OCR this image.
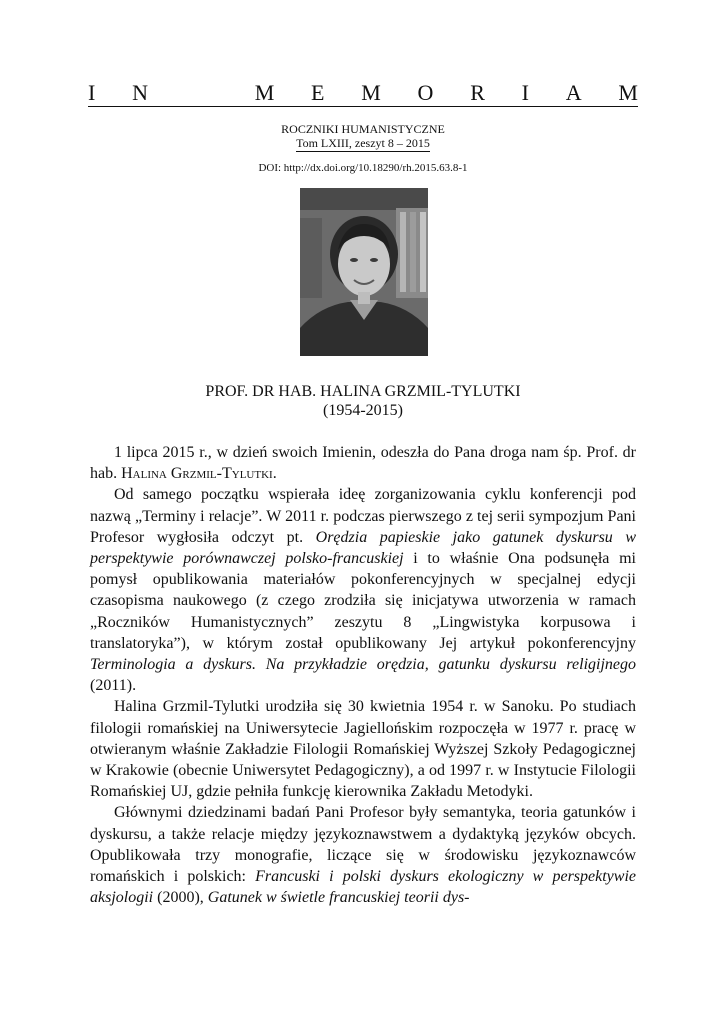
I N	M E M O R I A M
ROCZNIKI HUMANISTYCZNE
Tom LXIII, zeszyt 8 – 2015
DOI: http://dx.doi.org/10.18290/rh.2015.63.8-1
PROF. DR HAB. HALINA GRZMIL-TYLUTKI
(1954-2015)

1 lipca 2015 r., w dzień swoich Imienin, odeszła do Pana droga nam śp. Prof. dr hab. Halina Grzmil-Tylutki.

Od samego początku wspierała ideę zorganizowania cyklu konferencji pod nazwą „Terminy i relacje”. W 2011 r. podczas pierwszego z tej serii sympozjum Pani Profesor wygłosiła odczyt pt. Orędzia papieskie jako gatunek dyskursu w perspektywie porównawczej polsko-francuskiej i to właśnie Ona podsunęła mi pomysł opublikowania materiałów pokonferencyjnych w specjalnej edycji czasopisma naukowego (z czego zrodziła się inicjatywa utworzenia w ramach „Roczników Humanistycznych” zeszytu 8 „Lingwistyka korpusowa i translatoryka”), w którym został opublikowany Jej artykuł pokonferencyjny Terminologia a dyskurs. Na przykładzie orędzia, gatunku dyskursu religijnego (2011).

Halina Grzmil-Tylutki urodziła się 30 kwietnia 1954 r. w Sanoku. Po studiach filologii romańskiej na Uniwersytecie Jagiellońskim rozpoczęła w 1977 r. pracę w otwieranym właśnie Zakładzie Filologii Romańskiej Wyższej Szkoły Pedagogicznej w Krakowie (obecnie Uniwersytet Pedagogiczny), a od 1997 r. w Instytucie Filologii Romańskiej UJ, gdzie pełniła funkcję kierownika Zakładu Metodyki.

Głównymi dziedzinami badań Pani Profesor były semantyka, teoria gatunków i dyskursu, a także relacje między językoznawstwem a dydaktyką języków obcych. Opublikowała trzy monografie, liczące się w środowisku językoznawców romańskich i polskich: Francuski i polski dyskurs ekologiczny w perspektywie aksjologii (2000), Gatunek w świetle francuskiej teorii dys-
